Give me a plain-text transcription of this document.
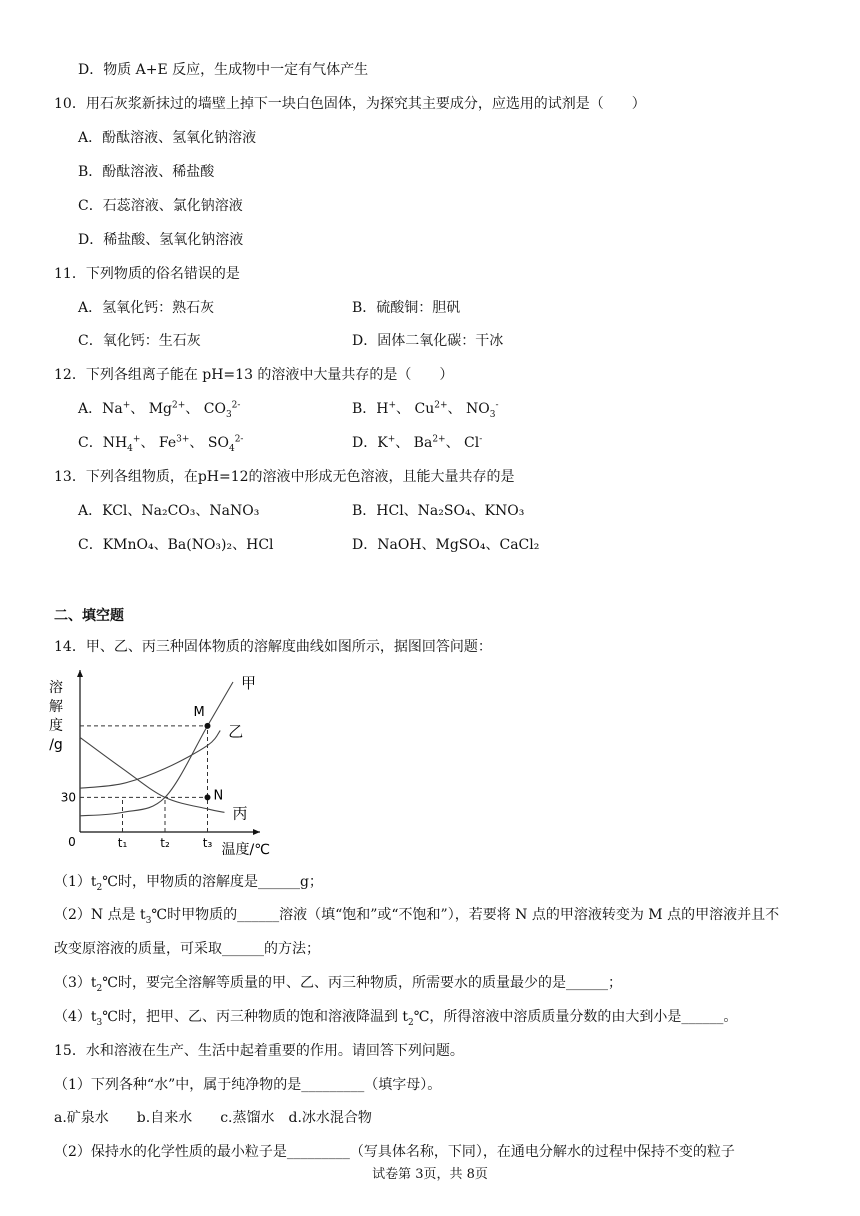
D．物质 A+E 反应，生成物中一定有气体产生
10．用石灰浆新抹过的墙壁上掉下一块白色固体，为探究其主要成分，应选用的试剂是（　　）
A．酚酞溶液、氢氧化钠溶液
B．酚酞溶液、稀盐酸
C．石蕊溶液、氯化钠溶液
D．稀盐酸、氢氧化钠溶液
11．下列物质的俗名错误的是
A．氢氧化钙：熟石灰	B．硫酸铜：胆矾
C．氧化钙：生石灰	D．固体二氧化碳：干冰
12．下列各组离子能在 pH=13 的溶液中大量共存的是（　　）
A．Na+、 $Mg^{2+}$、 $CO_3^{2-}$	B．H+、 $Cu^{2+}$、 $NO_3^-$
C．$NH_4^+$、 $Fe^{3+}$、 $SO_4^{2-}$	D．K+、 $Ba^{2+}$、 Cl-
13．下列各组物质，在pH=12的溶液中形成无色溶液，且能大量共存的是
A．KCl、Na₂CO₃、NaNO₃	B．HCl、Na₂SO₄、KNO₃
C．KMnO₄、Ba(NO₃)₂、HCl	D．NaOH、MgSO₄、CaCl₂
二、填空题
14．甲、乙、丙三种固体物质的溶解度曲线如图所示，据图回答问题：
溶
解
度
/g
温度/℃
0	t₁	t₂	t₃
30
甲
乙
丙
M
N
$(1)t_2℃$时，甲物质的溶解度是______g；
（2）N 点是 $t_3℃$时甲物质的______溶液（填“饱和”或“不饱和”），若要将 N 点的甲溶液转变为 M 点的甲溶液并且不
改变原溶液的质量，可采取______的方法；
$(3)t_2℃$时，要完全溶解等质量的甲、乙、丙三种物质，所需要水的质量最少的是______；
$(4)t_3℃$时，把甲、乙、丙三种物质的饱和溶液降温到 $t_2℃$，所得溶液中溶质质量分数的由大到小是______。
15．水和溶液在生产、生活中起着重要的作用。请回答下列问题。
（1）下列各种“水”中，属于纯净物的是_________（填字母）。
a.矿泉水　　b.自来水　　c.蒸馏水　d.冰水混合物
（2）保持水的化学性质的最小粒子是_________（写具体名称，下同），在通电分解水的过程中保持不变的粒子
试卷第 3页，共 8页
